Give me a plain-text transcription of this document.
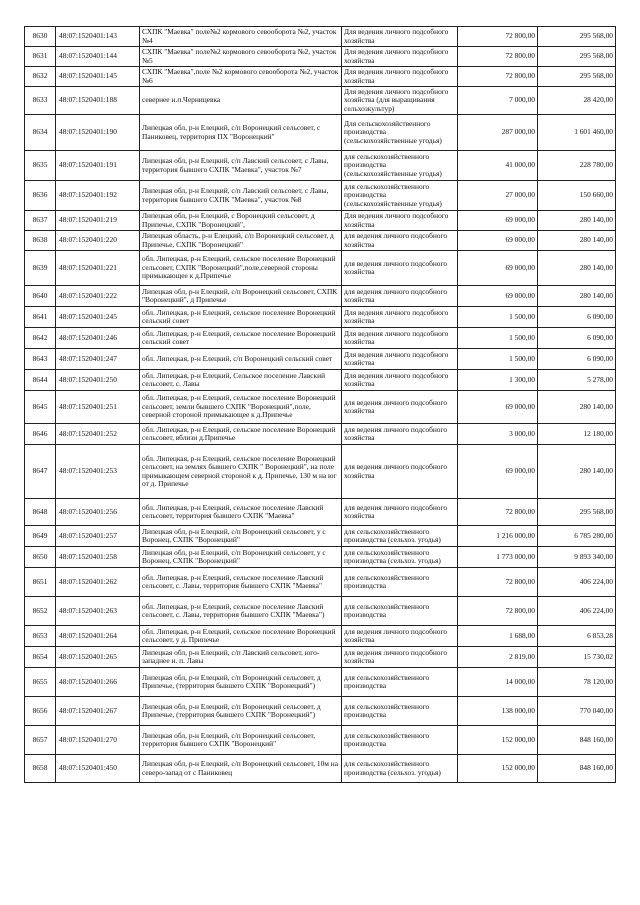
8630	48:07:1520401:143	СХПК "Маевка" поле№2 кормового севооборота №2, участок №4	Для ведения личного подсобного хозяйства	72 800,00	295 568,00
8631	48:07:1520401:144	СХПК "Маевка" поле№2 кормового севооборота №2, участок №5	Для ведения личного подсобного хозяйства	72 800,00	295 568,00
8632	48:07:1520401:145	СХПК "Маевка",поле №2 кормового севооборота №2, участок №6	Для ведения личного подсобного хозяйства	72 800,00	295 568,00
8633	48:07:1520401:188	севернее н.п.Черницевка	Для ведения личного подсобного хозяйства (для выращивания сельхозкультур)	7 000,00	28 420,00
8634	48:07:1520401:190	Липецкая обл, р-н Елецкий, с/п Воронецкий сельсовет, с Паниковец, территория ПХ "Воронецкий"	Для сельскохозяйственного производства (сельскохозяйственные угодья)	287 000,00	1 601 460,00
8635	48:07:1520401:191	Липецкая обл, р-н Елецкий, с/п Лавский сельсовет, с Лавы, территория бывшего СХПК "Маевка", участок №7	для сельскохозяйственного производства (сельскохозяйственные угодья)	41 000,00	228 780,00
8636	48:07:1520401:192	Липецкая обл, р-н Елецкий, с/п Лавский сельсовет, с Лавы, территория бывшего СХПК "Маевка", участок №8	для сельскохозяйственного производства (сельскохозяйственные угодья)	27 000,00	150 660,00
8637	48:07:1520401:219	Липецкая обл, р-н Елецкий, с Воронецкий сельсовет, д Припечье, СХПК "Воронецкий",	Для ведения личного подсобного хозяйства	69 000,00	280 140,00
8638	48:07:1520401:220	Липецкая область, р-н Елецкий, с/п Воронецкий сельсовет, д Припечье, СХПК "Воронецкий"	для ведения личного подсобного хозяйства	69 000,00	280 140,00
8639	48:07:1520401:221	обл. Липецкая, р-н Елецкий, сельское поселение Воронецкий сельсовет, СХПК "Воронецкий",поле,северной стороны примыкающее к д.Припечье	для ведения личного подсобного хозяйства	69 000,00	280 140,00
8640	48:07:1520401:222	Липецкая обл, р-н Елецкий, с/п Воронецкий сельсовет, СХПК "Воронецкий", д Припечье	для ведения личного подсобного хозяйства	69 000,00	280 140,00
8641	48:07:1520401:245	обл. Липецкая, р-н Елецкий, сельское поселение Воронецкий сельский совет	Для ведения личного подсобного хозяйства	1 500,00	6 090,00
8642	48:07:1520401:246	обл. Липецкая, р-н Елецкий, сельское поселение Воронецкий сельский совет	Для ведения личного подсобного хозяйства	1 500,00	6 090,00
8643	48:07:1520401:247	обл. Липецкая, р-н Елецкий, с/п Воронецкий сельский совет	Для ведения личного подсобного хозяйства	1 500,00	6 090,00
8644	48:07:1520401:250	обл. Липецкая, р-н Елецкий, Сельское поселение Лавский сельсовет, с. Лавы	Для ведения личного подсобного хозяйства	1 300,00	5 278,00
8645	48:07:1520401:251	обл. Липецкая, р-н Елецкий, сельское поселение Воронецкий сельсовет, земли бывшего СХПК "Воронецкий",поле, северной стороной примыкающее к д.Припечье	для ведения личного подсобного хозяйства	69 000,00	280 140,00
8646	48:07:1520401:252	обл. Липецкая, р-н Елецкий, сельское поселение Воронецкий сельсовет, вблизи д.Припечье	для ведения личного подсобного хозяйства	3 000,00	12 180,00
8647	48:07:1520401:253	обл. Липецкая, р-н Елецкий, сельское поселение Воронецкий сельсовет, на землях бывшего СХПК " Воронецкий", на поле примыкающем северной стороной к д. Припечье, 130 м на юг от д. Припечье	для ведения личного подсобного хозяйства	69 000,00	280 140,00
8648	48:07:1520401:256	обл. Липецкая, р-н Елецкий, сельское поселение Лавский сельсовет, территория бывшего СХПК "Маевка"	для ведения личного подсобного хозяйства	72 800,00	295 568,00
8649	48:07:1520401:257	Липецкая обл, р-н Елецкий, с/п Воронецкий сельсовет, у с Воронец, СХПК "Воронецкий"	для сельскохозяйственного производства (сельхоз. угодья)	1 216 000,00	6 785 280,00
8650	48:07:1520401:258	Липецкая обл, р-н Елецкий, с/п Воронецкий сельсовет, у с Воронец, СХПК "Воронецкий"	для сельскохозяйственного производства (сельхоз. угодья)	1 773 000,00	9 893 340,00
8651	48:07:1520401:262	обл. Липецкая, р-н Елецкий, сельское поселение Лавский сельсовет, с. Лавы, территория бывшего СХПК "Маевка"	для сельскохозяйственного производства	72 800,00	406 224,00
8652	48:07:1520401:263	обл. Липецкая, р-н Елецкий, сельское поселение Лавский сельсовет, с. Лавы, территория бывшего СХПК "Маевка")	для сельскохозяйственного производства	72 800,00	406 224,00
8653	48:07:1520401:264	обл. Липецкая, р-н Елецкий, сельское поселение Воронецкий сельсовет, у д. Припечье	для ведения личного подсобного хозяйства	1 688,00	6 853,28
8654	48:07:1520401:265	Липецкая обл, р-н Елецкий, с/п Лавский сельсовет, юго-западнее н. п. Лавы	для ведения личного подсобного хозяйства	2 819,00	15 730,02
8655	48:07:1520401:266	Липецкая обл, р-н Елецкий, с/п Воронецкий сельсовет, д Припечье, (территория бывшего СХПК "Воронецкий")	для сельскохозяйственного производства	14 000,00	78 120,00
8656	48:07:1520401:267	Липецкая обл, р-н Елецкий, с/п Воронецкий сельсовет, д Припечье, (территория бывшего СХПК "Воронецкий")	для сельскохозяйственного производства	138 000,00	770 040,00
8657	48:07:1520401:270	Липецкая обл, р-н Елецкий, с/п Воронецкий сельсовет, территория бывшего СХПК "Воронецкий"	для сельскохозяйственного производства	152 000,00	848 160,00
8658	48:07:1520401:450	Липецкая обл, р-н Елецкий, с/п Воронецкий сельсовет, 10м на северо-запад от с Паниковец	для сельскохозяйственного производства (сельхоз. угодья)	152 000,00	848 160,00
